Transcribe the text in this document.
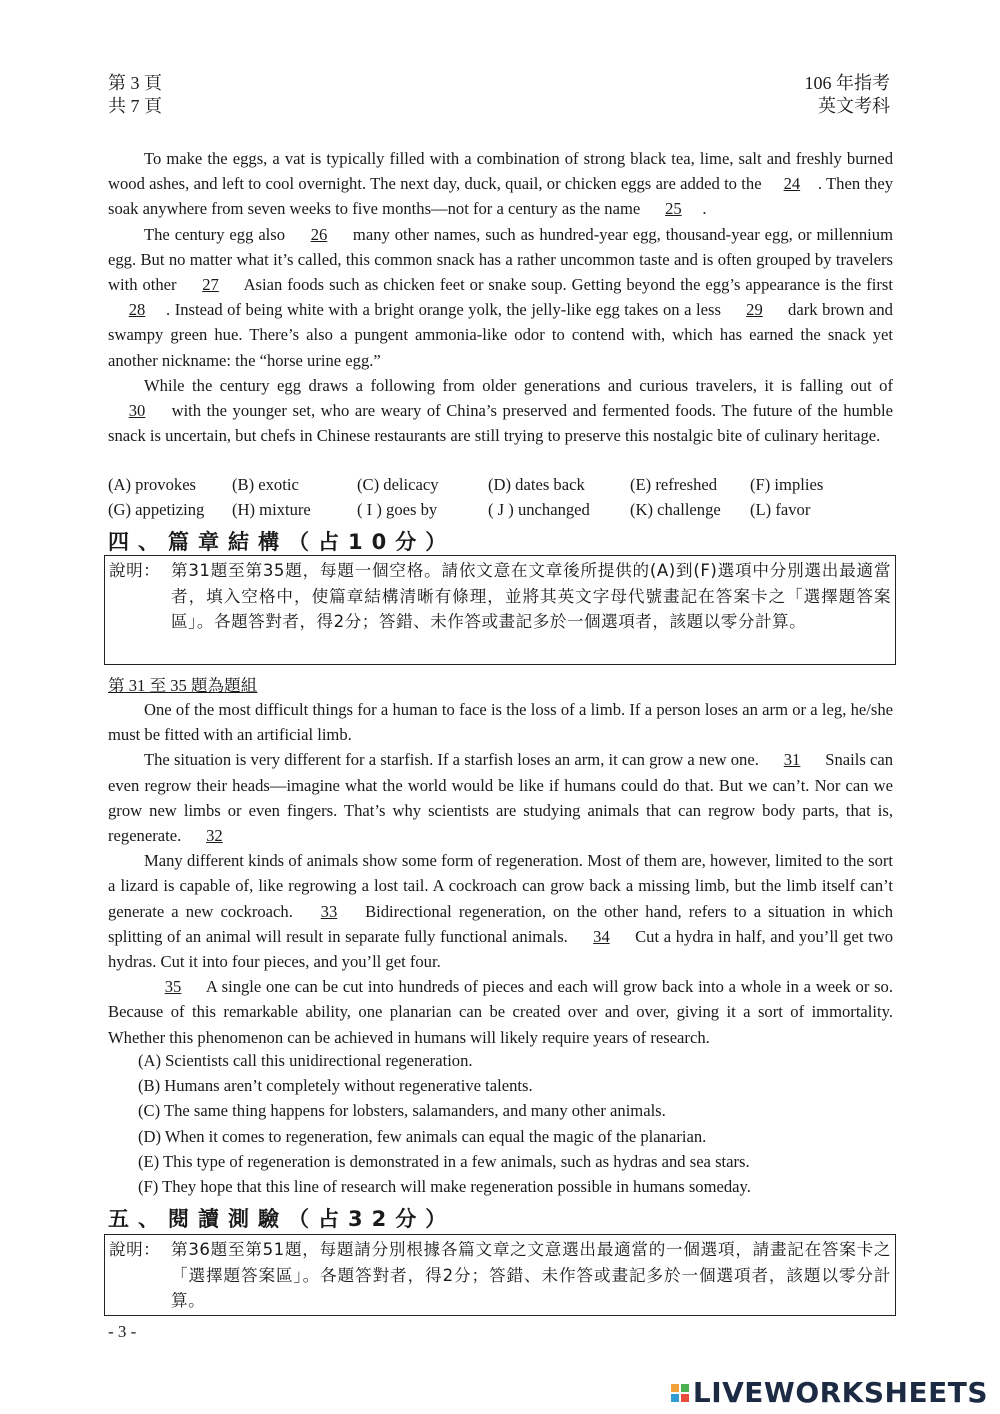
第 3 頁
共 7 頁
106 年指考
英文考科

To make the eggs, a vat is typically filled with a combination of strong black tea, lime, salt and freshly burned wood ashes, and left to cool overnight. The next day, duck, quail, or chicken eggs are added to the 24 . Then they soak anywhere from seven weeks to five months—not for a century as the name 25 .

The century egg also 26 many other names, such as hundred-year egg, thousand-year egg, or millennium egg. But no matter what it’s called, this common snack has a rather uncommon taste and is often grouped by travelers with other 27 Asian foods such as chicken feet or snake soup. Getting beyond the egg’s appearance is the first 28 . Instead of being white with a bright orange yolk, the jelly-like egg takes on a less 29 dark brown and swampy green hue. There’s also a pungent ammonia-like odor to contend with, which has earned the snack yet another nickname: the “horse urine egg.”

While the century egg draws a following from older generations and curious travelers, it is falling out of 30 with the younger set, who are weary of China’s preserved and fermented foods. The future of the humble snack is uncertain, but chefs in Chinese restaurants are still trying to preserve this nostalgic bite of culinary heritage.

(A) provokes (B) exotic	(C) delicacy	(D) dates back	(E) refreshed (F) implies
(G) appetizing (H) mixture	( I ) goes by	( J ) unchanged (K) challenge (L) favor
四、篇章結構（占10分）
說明： 第31題至第35題，每題一個空格。請依文意在文章後所提供的(A)到(F)選項中分別選出最適當者，填入空格中，使篇章結構清晰有條理，並將其英文字母代號畫記在答案卡之「選擇題答案區」。各題答對者，得2分；答錯、未作答或畫記多於一個選項者，該題以零分計算。
第 31 至 35 題為題組

One of the most difficult things for a human to face is the loss of a limb. If a person loses an arm or a leg, he/she must be fitted with an artificial limb.

The situation is very different for a starfish. If a starfish loses an arm, it can grow a new one. 31 Snails can even regrow their heads—imagine what the world would be like if humans could do that. But we can’t. Nor can we grow new limbs or even fingers. That’s why scientists are studying animals that can regrow body parts, that is, regenerate. 32

Many different kinds of animals show some form of regeneration. Most of them are, however, limited to the sort a lizard is capable of, like regrowing a lost tail. A cockroach can grow back a missing limb, but the limb itself can’t generate a new cockroach. 33 Bidirectional regeneration, on the other hand, refers to a situation in which splitting of an animal will result in separate fully functional animals. 34 Cut a hydra in half, and you’ll get two hydras. Cut it into four pieces, and you’ll get four.

35 A single one can be cut into hundreds of pieces and each will grow back into a whole in a week or so. Because of this remarkable ability, one planarian can be created over and over, giving it a sort of immortality. Whether this phenomenon can be achieved in humans will likely require years of research.

(A) Scientists call this unidirectional regeneration.
(B) Humans aren’t completely without regenerative talents.
(C) The same thing happens for lobsters, salamanders, and many other animals.
(D) When it comes to regeneration, few animals can equal the magic of the planarian.
(E) This type of regeneration is demonstrated in a few animals, such as hydras and sea stars.
(F) They hope that this line of research will make regeneration possible in humans someday.
五、閱讀測驗（占32分）
說明： 第36題至第51題，每題請分別根據各篇文章之文意選出最適當的一個選項，請畫記在答案卡之「選擇題答案區」。各題答對者，得2分；答錯、未作答或畫記多於一個選項者，該題以零分計算。
- 3 -
LIVEWORKSHEETS
